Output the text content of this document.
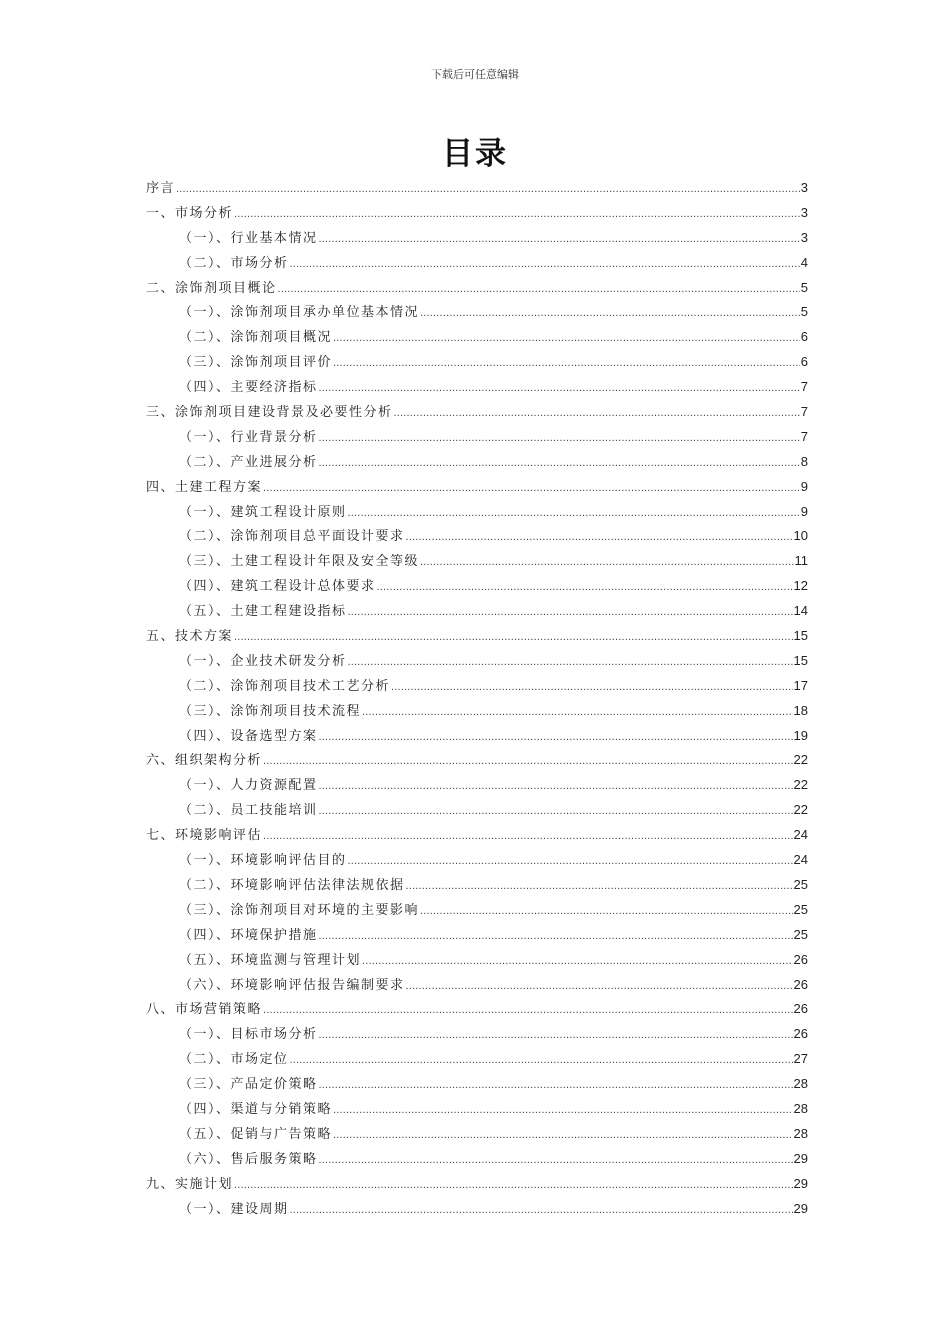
下载后可任意编辑
目录
序言 .....	3
一、市场分析 .....	3
（一）、行业基本情况 .....	3
（二）、市场分析 .....	4
二、涂饰剂项目概论 .....	5
（一）、涂饰剂项目承办单位基本情况 .....	5
（二）、涂饰剂项目概况 .....	6
（三）、涂饰剂项目评价 .....	6
（四）、主要经济指标 .....	7
三、涂饰剂项目建设背景及必要性分析 .....	7
（一）、行业背景分析 .....	7
（二）、产业进展分析 .....	8
四、土建工程方案 .....	9
（一）、建筑工程设计原则 .....	9
（二）、涂饰剂项目总平面设计要求 .....	10
（三）、土建工程设计年限及安全等级 .....	11
（四）、建筑工程设计总体要求 .....	12
（五）、土建工程建设指标 .....	14
五、技术方案 .....	15
（一）、企业技术研发分析 .....	15
（二）、涂饰剂项目技术工艺分析 .....	17
（三）、涂饰剂项目技术流程 .....	18
（四）、设备选型方案 .....	19
六、组织架构分析 .....	22
（一）、人力资源配置 .....	22
（二）、员工技能培训 .....	22
七、环境影响评估 .....	24
（一）、环境影响评估目的 .....	24
（二）、环境影响评估法律法规依据 .....	25
（三）、涂饰剂项目对环境的主要影响 .....	25
（四）、环境保护措施 .....	25
（五）、环境监测与管理计划 .....	26
（六）、环境影响评估报告编制要求 .....	26
八、市场营销策略 .....	26
（一）、目标市场分析 .....	26
（二）、市场定位 .....	27
（三）、产品定价策略 .....	28
（四）、渠道与分销策略 .....	28
（五）、促销与广告策略 .....	28
（六）、售后服务策略 .....	29
九、实施计划 .....	29
（一）、建设周期 .....	29
